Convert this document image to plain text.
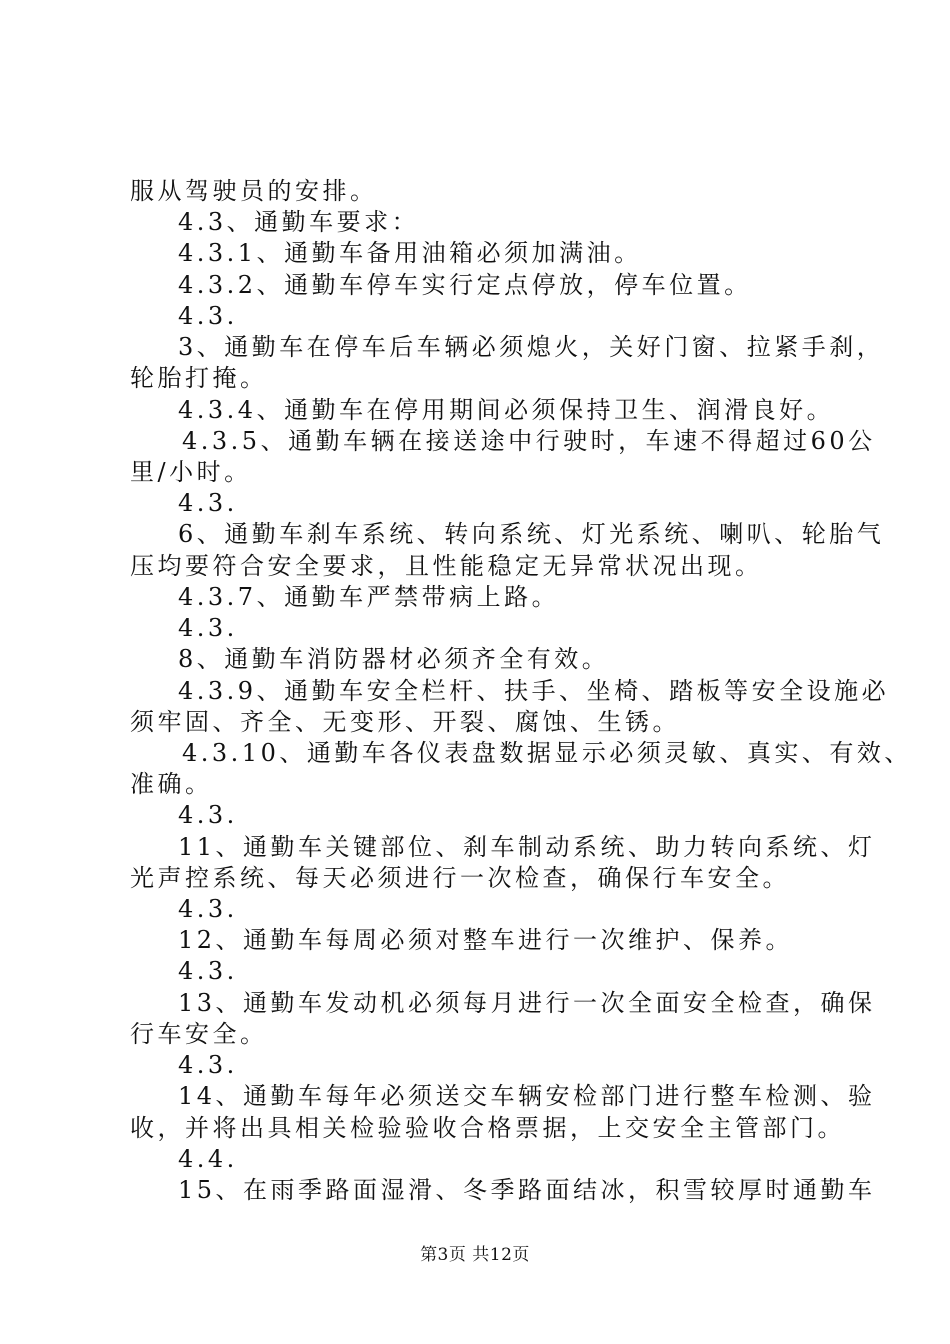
服从驾驶员的安排。
4.3、通勤车要求：
4.3.1、通勤车备用油箱必须加满油。
4.3.2、通勤车停车实行定点停放，停车位置。
4.3.
3、通勤车在停车后车辆必须熄火，关好门窗、拉紧手刹，
轮胎打掩。
4.3.4、通勤车在停用期间必须保持卫生、润滑良好。
4.3.5、通勤车辆在接送途中行驶时，车速不得超过60公
里/小时。
4.3.
6、通勤车刹车系统、转向系统、灯光系统、喇叭、轮胎气
压均要符合安全要求，且性能稳定无异常状况出现。
4.3.7、通勤车严禁带病上路。
4.3.
8、通勤车消防器材必须齐全有效。
4.3.9、通勤车安全栏杆、扶手、坐椅、踏板等安全设施必
须牢固、齐全、无变形、开裂、腐蚀、生锈。
4.3.10、通勤车各仪表盘数据显示必须灵敏、真实、有效、
准确。
4.3.
11、通勤车关键部位、刹车制动系统、助力转向系统、灯
光声控系统、每天必须进行一次检查，确保行车安全。
4.3.
12、通勤车每周必须对整车进行一次维护、保养。
4.3.
13、通勤车发动机必须每月进行一次全面安全检查，确保
行车安全。
4.3.
14、通勤车每年必须送交车辆安检部门进行整车检测、验
收，并将出具相关检验验收合格票据，上交安全主管部门。
4.4.
15、在雨季路面湿滑、冬季路面结冰，积雪较厚时通勤车
第3页 共12页
